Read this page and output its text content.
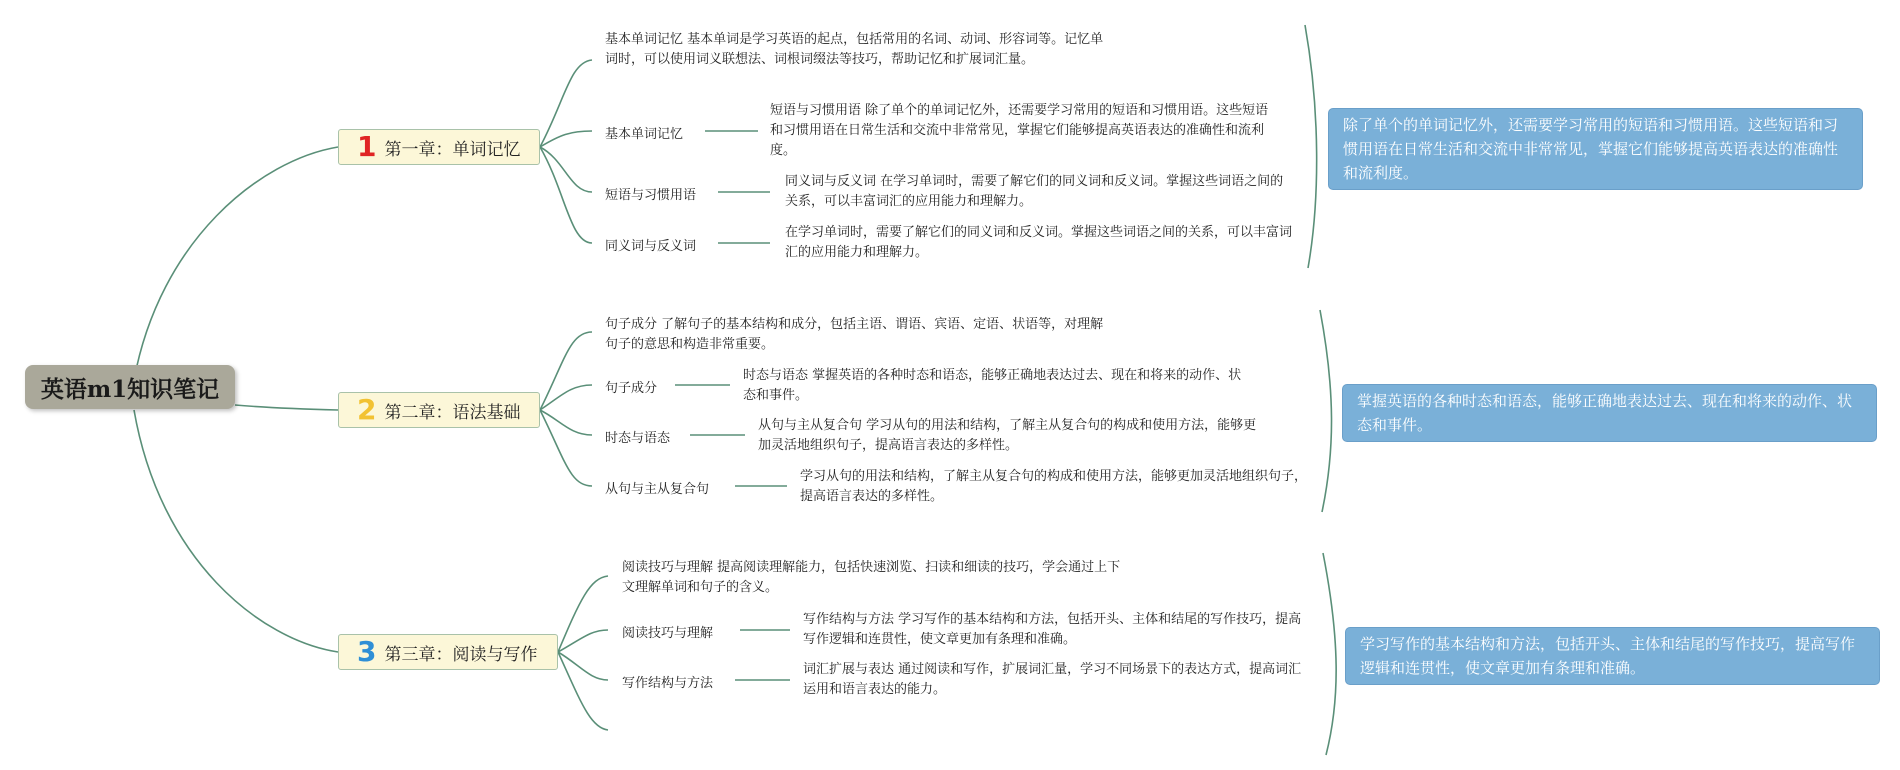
英语m1知识笔记
1 第一章：单词记忆
基本单词记忆 基本单词是学习英语的起点，包括常用的名词、动词、形容词等。记忆单词时，可以使用词义联想法、词根词缀法等技巧，帮助记忆和扩展词汇量。
基本单词记忆
短语与习惯用语 除了单个的单词记忆外，还需要学习常用的短语和习惯用语。这些短语和习惯用语在日常生活和交流中非常常见，掌握它们能够提高英语表达的准确性和流利度。
短语与习惯用语
同义词与反义词 在学习单词时，需要了解它们的同义词和反义词。掌握这些词语之间的关系，可以丰富词汇的应用能力和理解力。
同义词与反义词
在学习单词时，需要了解它们的同义词和反义词。掌握这些词语之间的关系，可以丰富词汇的应用能力和理解力。
除了单个的单词记忆外，还需要学习常用的短语和习惯用语。这些短语和习惯用语在日常生活和交流中非常常见，掌握它们能够提高英语表达的准确性和流利度。
2 第二章：语法基础
句子成分 了解句子的基本结构和成分，包括主语、谓语、宾语、定语、状语等，对理解句子的意思和构造非常重要。
句子成分
时态与语态 掌握英语的各种时态和语态，能够正确地表达过去、现在和将来的动作、状态和事件。
时态与语态
从句与主从复合句 学习从句的用法和结构，了解主从复合句的构成和使用方法，能够更加灵活地组织句子，提高语言表达的多样性。
从句与主从复合句
学习从句的用法和结构，了解主从复合句的构成和使用方法，能够更加灵活地组织句子，提高语言表达的多样性。
掌握英语的各种时态和语态，能够正确地表达过去、现在和将来的动作、状态和事件。
3 第三章：阅读与写作
阅读技巧与理解 提高阅读理解能力，包括快速浏览、扫读和细读的技巧，学会通过上下文理解单词和句子的含义。
阅读技巧与理解
写作结构与方法 学习写作的基本结构和方法，包括开头、主体和结尾的写作技巧，提高写作逻辑和连贯性，使文章更加有条理和准确。
写作结构与方法
词汇扩展与表达 通过阅读和写作，扩展词汇量，学习不同场景下的表达方式，提高词汇运用和语言表达的能力。
学习写作的基本结构和方法，包括开头、主体和结尾的写作技巧，提高写作逻辑和连贯性，使文章更加有条理和准确。
